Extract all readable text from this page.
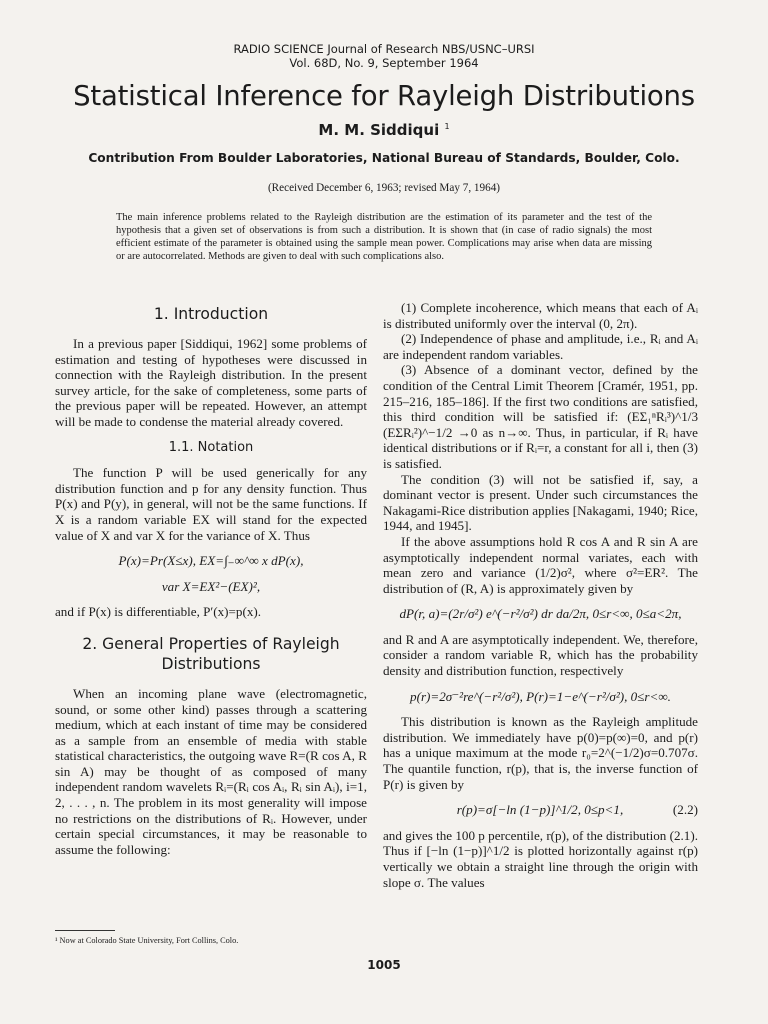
RADIO SCIENCE Journal of Research NBS/USNC–URSI
Vol. 68D, No. 9, September 1964
Statistical Inference for Rayleigh Distributions
M. M. Siddiqui $^1$
Contribution From Boulder Laboratories, National Bureau of Standards, Boulder, Colo.
(Received December 6, 1963; revised May 7, 1964)
The main inference problems related to the Rayleigh distribution are the estimation of its parameter and the test of the hypothesis that a given set of observations is from such a distribution. It is shown that (in case of radio signals) the most efficient estimate of the parameter is obtained using the sample mean power. Complications may arise when data are missing or are autocorrelated. Methods are given to deal with such complications also.
1. Introduction

In a previous paper [Siddiqui, 1962] some problems of estimation and testing of hypotheses were discussed in connection with the Rayleigh distribution. In the present survey article, for the sake of completeness, some parts of the previous paper will be repeated. However, an attempt will be made to condense the material already covered.

1.1. Notation

The function P will be used generically for any distribution function and p for any density function. Thus P(x) and P(y), in general, will not be the same functions. If X is a random variable EX will stand for the expected value of X and var X for the variance of X. Thus

P(x)=Pr(X≤x), EX=∫₋∞^∞ x dP(x),
var X=EX²−(EX)²,

and if P(x) is differentiable, P′(x)=p(x).

2. General Properties of Rayleigh Distributions

When an incoming plane wave (electromagnetic, sound, or some other kind) passes through a scattering medium, which at each instant of time may be considered as a sample from an ensemble of media with stable statistical characteristics, the outgoing wave R=(R cos A, R sin A) may be thought of as composed of many independent random wavelets Rᵢ=(Rᵢ cos Aᵢ, Rᵢ sin Aᵢ), i=1, 2, . . . , n. The problem in its most generality will impose no restrictions on the distributions of Rᵢ. However, under certain special circumstances, it may be reasonable to assume the following:

(1) Complete incoherence, which means that each of Aᵢ is distributed uniformly over the interval (0, 2π).

(2) Independence of phase and amplitude, i.e., Rᵢ and Aᵢ are independent random variables.

(3) Absence of a dominant vector, defined by the condition of the Central Limit Theorem [Cramér, 1951, pp. 215–216, 185–186]. If the first two conditions are satisfied, this third condition will be satisfied if: (EΣ₁ⁿRᵢ³)^1/3 (EΣRᵢ²)^−1/2 →0 as n→∞. Thus, in particular, if Rᵢ have identical distributions or if Rᵢ=r, a constant for all i, then (3) is satisfied.

The condition (3) will not be satisfied if, say, a dominant vector is present. Under such circumstances the Nakagami-Rice distribution applies [Nakagami, 1940; Rice, 1944, and 1945].

If the above assumptions hold R cos A and R sin A are asymptotically independent normal variates, each with mean zero and variance (1/2)σ², where σ²=ER². The distribution of (R, A) is approximately given by

dP(r, a)=(2r/σ²) e^(−r²/σ²) dr da/2π, 0≤r<∞, 0≤a<2π,

and R and A are asymptotically independent. We, therefore, consider a random variable R, which has the probability density and distribution function, respectively

p(r)=2σ⁻²re^(−r²/σ²), P(r)=1−e^(−r²/σ²), 0≤r<∞.

This distribution is known as the Rayleigh amplitude distribution. We immediately have p(0)=p(∞)=0, and p(r) has a unique maximum at the mode r₀=2^(−1/2)σ=0.707σ. The quantile function, r(p), that is, the inverse function of P(r) is given by

r(p)=σ[−ln (1−p)]^1/2, 0≤p<1,	(2.2)

and gives the 100 p percentile, r(p), of the distribution (2.1). Thus if [−ln (1−p)]^1/2 is plotted horizontally against r(p) vertically we obtain a straight line through the origin with slope σ. The values

¹ Now at Colorado State University, Fort Collins, Colo.
1005
